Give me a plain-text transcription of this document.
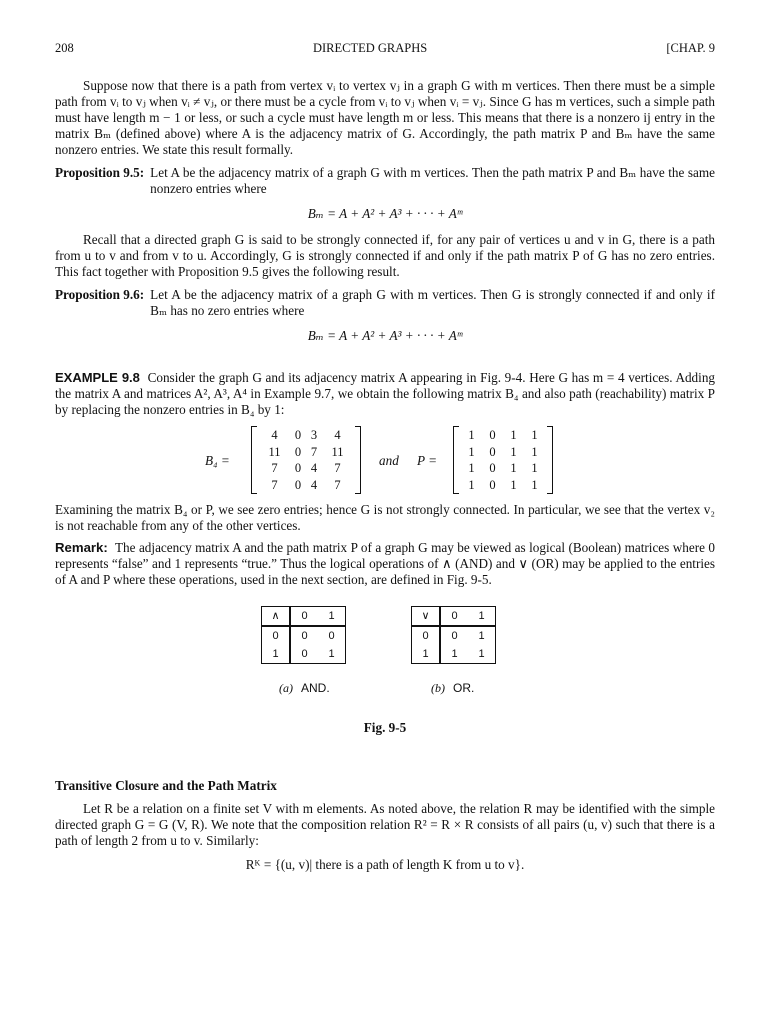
208	DIRECTED GRAPHS	[CHAP. 9

Suppose now that there is a path from vertex vᵢ to vertex vⱼ in a graph G with m vertices. Then there must be a simple path from vᵢ to vⱼ when vᵢ ≠ vⱼ, or there must be a cycle from vᵢ to vⱼ when vᵢ = vⱼ. Since G has m vertices, such a simple path must have length m − 1 or less, or such a cycle must have length m or less. This means that there is a nonzero ij entry in the matrix Bₘ (defined above) where A is the adjacency matrix of G. Accordingly, the path matrix P and Bₘ have the same nonzero entries. We state this result formally.

Proposition 9.5: Let A be the adjacency matrix of a graph G with m vertices. Then the path matrix P and Bₘ have the same nonzero entries where
Bₘ = A + A² + A³ + · · · + Aᵐ

Recall that a directed graph G is said to be strongly connected if, for any pair of vertices u and v in G, there is a path from u to v and from v to u. Accordingly, G is strongly connected if and only if the path matrix P of G has no zero entries. This fact together with Proposition 9.5 gives the following result.

Proposition 9.6: Let A be the adjacency matrix of a graph G with m vertices. Then G is strongly connected if and only if Bₘ has no zero entries where
Bₘ = A + A² + A³ + · · · + Aᵐ

EXAMPLE 9.8 Consider the graph G and its adjacency matrix A appearing in Fig. 9-4. Here G has m = 4 vertices. Adding the matrix A and matrices A², A³, A⁴ in Example 9.7, we obtain the following matrix B₄ and also path (reachability) matrix P by replacing the nonzero entries in B₄ by 1:

B₄ =
4	0	3	4
11	0	7	11
7	0	4	7
7	0	4	7
and P =
1	0	1	1
1	0	1	1
1	0	1	1
1	0	1	1

Examining the matrix B₄ or P, we see zero entries; hence G is not strongly connected. In particular, we see that the vertex v₂ is not reachable from any of the other vertices.

Remark: The adjacency matrix A and the path matrix P of a graph G may be viewed as logical (Boolean) matrices where 0 represents “false” and 1 represents “true.” Thus the logical operations of ∧ (AND) and ∨ (OR) may be applied to the entries of A and P where these operations, used in the next section, are defined in Fig. 9-5.

∧	0	1
0	0	0
1	0	1
(a) AND.
∨	0	1
0	0	1
1	1	1
(b) OR.
Fig. 9-5
Transitive Closure and the Path Matrix

Let R be a relation on a finite set V with m elements. As noted above, the relation R may be identified with the simple directed graph G = G (V, R). We note that the composition relation R² = R × R consists of all pairs (u, v) such that there is a path of length 2 from u to v. Similarly:

Rᴷ = {(u, v)| there is a path of length K from u to v}.
